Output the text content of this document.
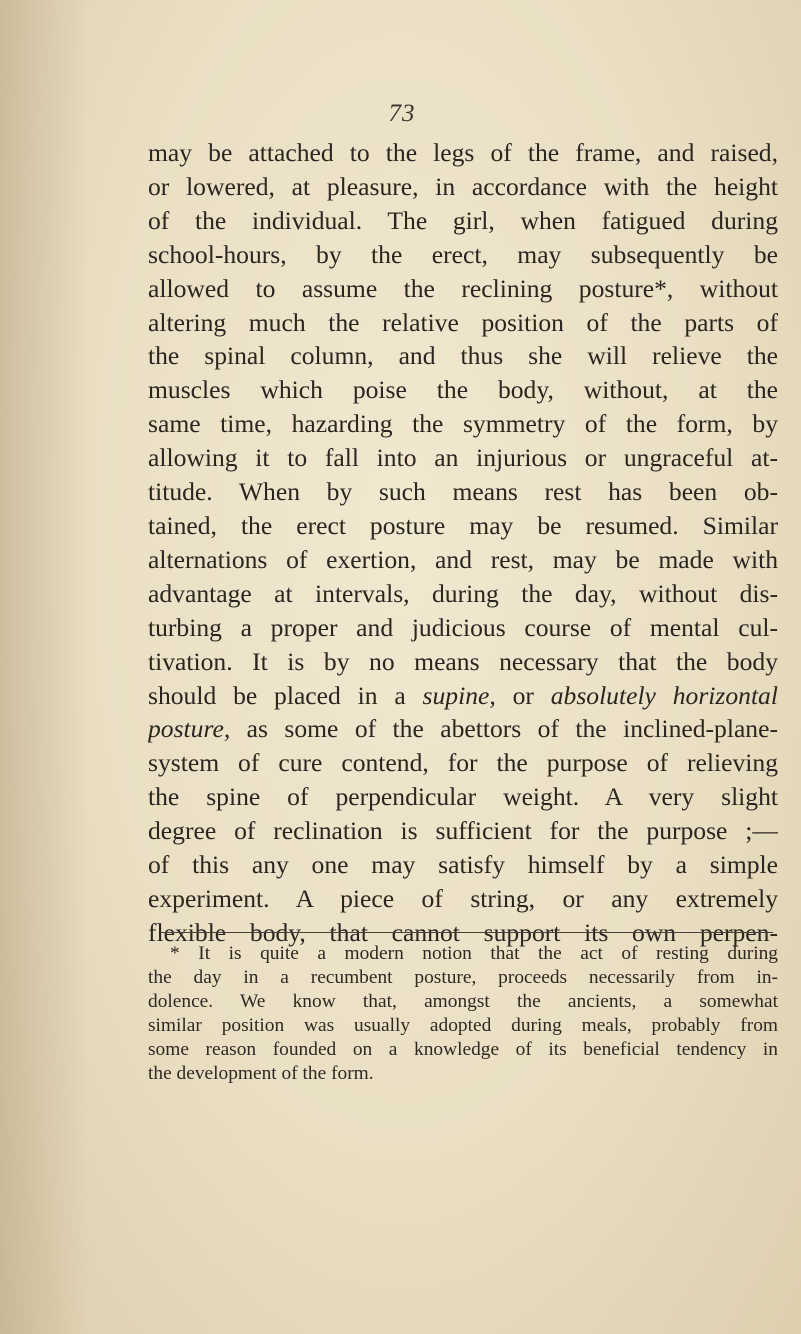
73
may be attached to the legs of the frame, and raised,
or lowered, at pleasure, in accordance with the height
of the individual. The girl, when fatigued during
school-hours, by the erect, may subsequently be
allowed to assume the reclining posture*, without
altering much the relative position of the parts of
the spinal column, and thus she will relieve the
muscles which poise the body, without, at the
same time, hazarding the symmetry of the form, by
allowing it to fall into an injurious or ungraceful at-
titude. When by such means rest has been ob-
tained, the erect posture may be resumed. Similar
alternations of exertion, and rest, may be made with
advantage at intervals, during the day, without dis-
turbing a proper and judicious course of mental cul-
tivation. It is by no means necessary that the body
should be placed in a supine, or absolutely horizontal
posture, as some of the abettors of the inclined-plane-
system of cure contend, for the purpose of relieving
the spine of perpendicular weight. A very slight
degree of reclination is sufficient for the purpose ;—
of this any one may satisfy himself by a simple
experiment. A piece of string, or any extremely
flexible body, that cannot support its own perpen-
* It is quite a modern notion that the act of resting during
the day in a recumbent posture, proceeds necessarily from in-
dolence. We know that, amongst the ancients, a somewhat
similar position was usually adopted during meals, probably from
some reason founded on a knowledge of its beneficial tendency in
the development of the form.
